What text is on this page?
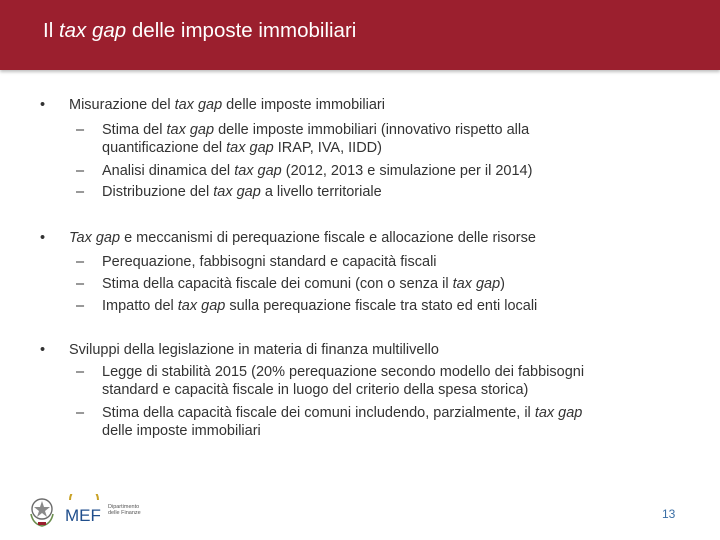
Il tax gap delle imposte immobiliari
• Misurazione del tax gap delle imposte immobiliari
– Stima del tax gap delle imposte immobiliari (innovativo rispetto alla
quantificazione del tax gap IRAP, IVA, IIDD)
– Analisi dinamica del tax gap (2012, 2013 e simulazione per il 2014)
– Distribuzione del tax gap a livello territoriale
• Tax gap e meccanismi di perequazione fiscale e allocazione delle risorse
– Perequazione, fabbisogni standard e capacità fiscali
– Stima della capacità fiscale dei comuni (con o senza il tax gap)
– Impatto del tax gap sulla perequazione fiscale tra stato ed enti locali
• Sviluppi della legislazione in materia di finanza multilivello
– Legge di stabilità 2015 (20% perequazione secondo modello dei fabbisogni
standard e capacità fiscale in luogo del criterio della spesa storica)
– Stima della capacità fiscale dei comuni includendo, parzialmente, il tax gap
delle imposte immobiliari
MEF Dipartimento
delle Finanze	13
